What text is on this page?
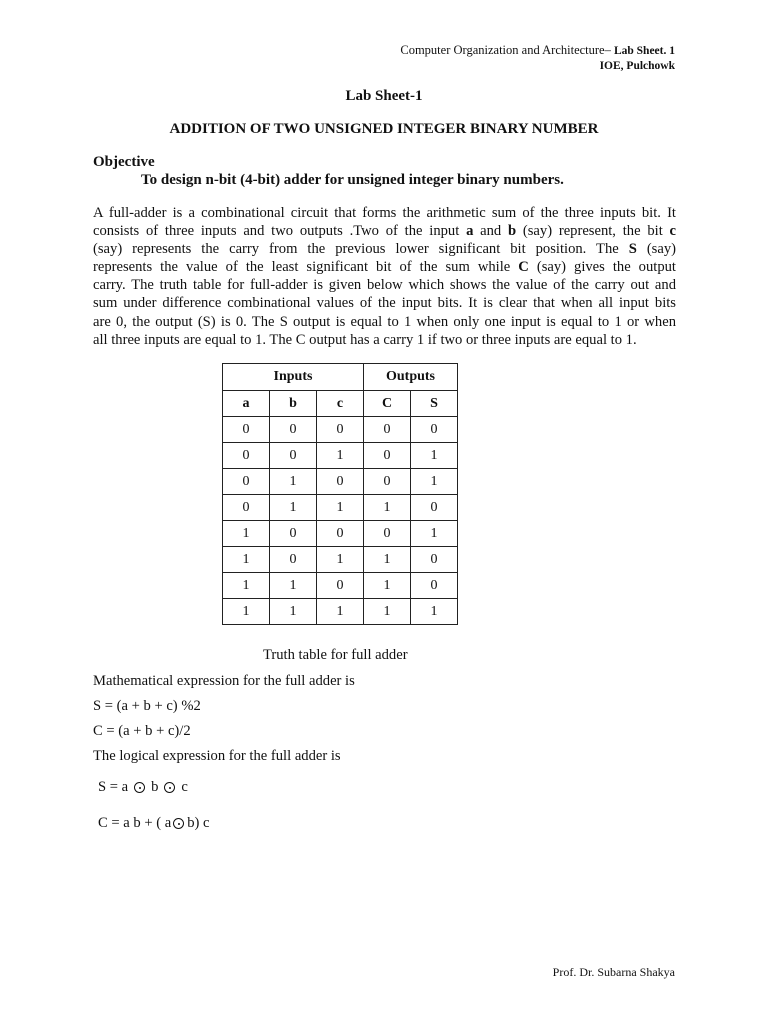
Computer Organization and Architecture– Lab Sheet. 1
IOE, Pulchowk
Lab Sheet-1
ADDITION OF TWO UNSIGNED INTEGER BINARY NUMBER
Objective
To design n-bit (4-bit) adder for unsigned integer binary numbers.
A full-adder is a combinational circuit that forms the arithmetic sum of the three inputs bit. It
consists of three inputs and two outputs .Two of the input a and b (say) represent, the bit c
(say) represents the carry from the previous lower significant bit position. The S (say)
represents the value of the least significant bit of the sum while C (say) gives the output
carry. The truth table for full-adder is given below which shows the value of the carry out and
sum under difference combinational values of the input bits. It is clear that when all input bits
are 0, the output (S) is 0. The S output is equal to 1 when only one input is equal to 1 or when
all three inputs are equal to 1. The C output has a carry 1 if two or three inputs are equal to 1.
Inputs			Outputs	
a	b	c	C	S
0	0	0	0	0
0	0	1	0	1
0	1	0	0	1
0	1	1	1	0
1	0	0	0	1
1	0	1	1	0
1	1	0	1	0
1	1	1	1	1
Truth table for full adder
Mathematical expression for the full adder is
S = (a + b + c) %2
C = (a + b + c)/2
The logical expression for the full adder is
S = a b c
C = a b + ( a b) c
Prof. Dr. Subarna Shakya
